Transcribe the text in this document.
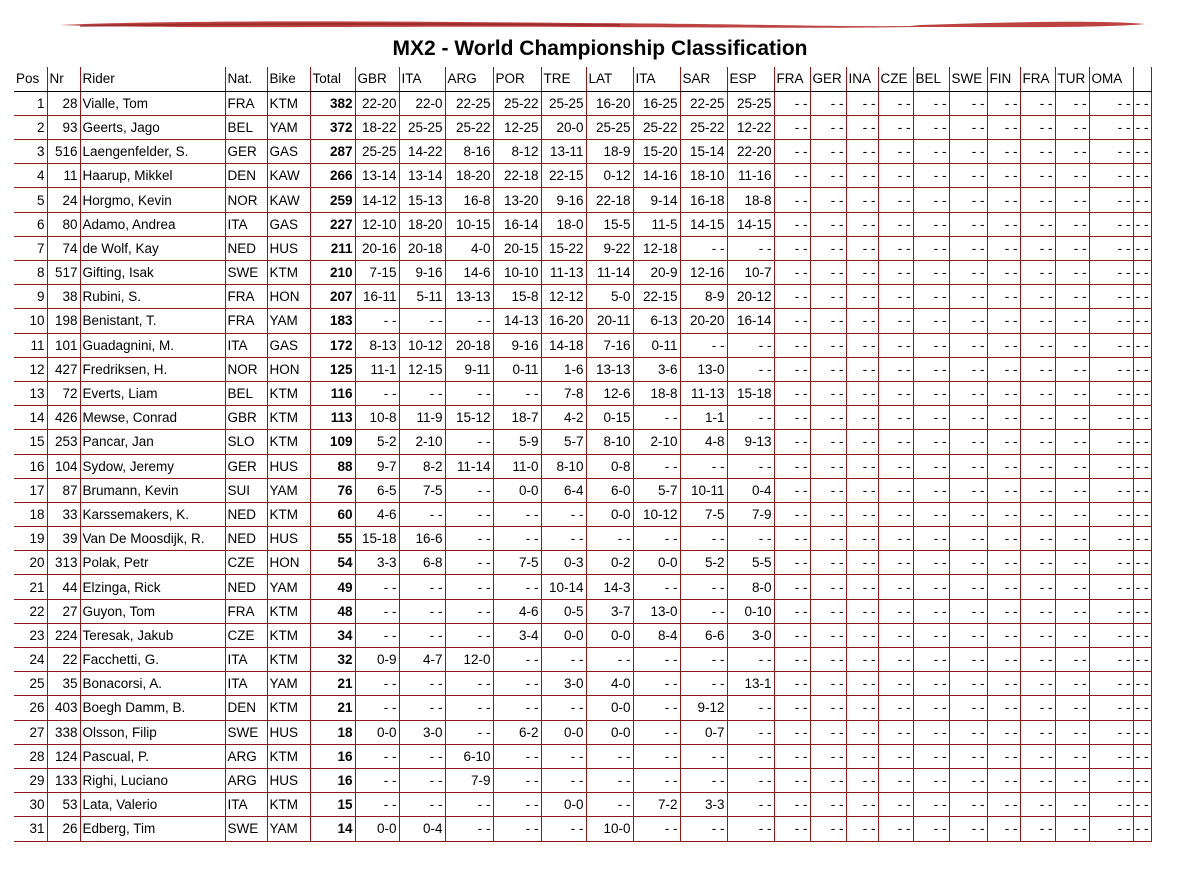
MX2 - World Championship Classification
Pos	Nr	Rider	Nat.	Bike	Total	GBR	ITA	ARG	POR	TRE	LAT	ITA	SAR	ESP	FRA	GER	INA	CZE	BEL	SWE	FIN	FRA	TUR	OMA	
1	28	Vialle, Tom	FRA	KTM	382	22-20	22-0	22-25	25-22	25-25	16-20	16-25	22-25	25-25	- -	- -	- -	- -	- -	- -	- -	- -	- -	- -	- -
2	93	Geerts, Jago	BEL	YAM	372	18-22	25-25	25-22	12-25	20-0	25-25	25-22	25-22	12-22	- -	- -	- -	- -	- -	- -	- -	- -	- -	- -	- -
3	516	Laengenfelder, S.	GER	GAS	287	25-25	14-22	8-16	8-12	13-11	18-9	15-20	15-14	22-20	- -	- -	- -	- -	- -	- -	- -	- -	- -	- -	- -
4	11	Haarup, Mikkel	DEN	KAW	266	13-14	13-14	18-20	22-18	22-15	0-12	14-16	18-10	11-16	- -	- -	- -	- -	- -	- -	- -	- -	- -	- -	- -
5	24	Horgmo, Kevin	NOR	KAW	259	14-12	15-13	16-8	13-20	9-16	22-18	9-14	16-18	18-8	- -	- -	- -	- -	- -	- -	- -	- -	- -	- -	- -
6	80	Adamo, Andrea	ITA	GAS	227	12-10	18-20	10-15	16-14	18-0	15-5	11-5	14-15	14-15	- -	- -	- -	- -	- -	- -	- -	- -	- -	- -	- -
7	74	de Wolf, Kay	NED	HUS	211	20-16	20-18	4-0	20-15	15-22	9-22	12-18	- -	- -	- -	- -	- -	- -	- -	- -	- -	- -	- -	- -	- -
8	517	Gifting, Isak	SWE	KTM	210	7-15	9-16	14-6	10-10	11-13	11-14	20-9	12-16	10-7	- -	- -	- -	- -	- -	- -	- -	- -	- -	- -	- -
9	38	Rubini, S.	FRA	HON	207	16-11	5-11	13-13	15-8	12-12	5-0	22-15	8-9	20-12	- -	- -	- -	- -	- -	- -	- -	- -	- -	- -	- -
10	198	Benistant, T.	FRA	YAM	183	- -	- -	- -	14-13	16-20	20-11	6-13	20-20	16-14	- -	- -	- -	- -	- -	- -	- -	- -	- -	- -	- -
11	101	Guadagnini, M.	ITA	GAS	172	8-13	10-12	20-18	9-16	14-18	7-16	0-11	- -	- -	- -	- -	- -	- -	- -	- -	- -	- -	- -	- -	- -
12	427	Fredriksen, H.	NOR	HON	125	11-1	12-15	9-11	0-11	1-6	13-13	3-6	13-0	- -	- -	- -	- -	- -	- -	- -	- -	- -	- -	- -	- -
13	72	Everts, Liam	BEL	KTM	116	- -	- -	- -	- -	7-8	12-6	18-8	11-13	15-18	- -	- -	- -	- -	- -	- -	- -	- -	- -	- -	- -
14	426	Mewse, Conrad	GBR	KTM	113	10-8	11-9	15-12	18-7	4-2	0-15	- -	1-1	- -	- -	- -	- -	- -	- -	- -	- -	- -	- -	- -	- -
15	253	Pancar, Jan	SLO	KTM	109	5-2	2-10	- -	5-9	5-7	8-10	2-10	4-8	9-13	- -	- -	- -	- -	- -	- -	- -	- -	- -	- -	- -
16	104	Sydow, Jeremy	GER	HUS	88	9-7	8-2	11-14	11-0	8-10	0-8	- -	- -	- -	- -	- -	- -	- -	- -	- -	- -	- -	- -	- -	- -
17	87	Brumann, Kevin	SUI	YAM	76	6-5	7-5	- -	0-0	6-4	6-0	5-7	10-11	0-4	- -	- -	- -	- -	- -	- -	- -	- -	- -	- -	- -
18	33	Karssemakers, K.	NED	KTM	60	4-6	- -	- -	- -	- -	0-0	10-12	7-5	7-9	- -	- -	- -	- -	- -	- -	- -	- -	- -	- -	- -
19	39	Van De Moosdijk, R.	NED	HUS	55	15-18	16-6	- -	- -	- -	- -	- -	- -	- -	- -	- -	- -	- -	- -	- -	- -	- -	- -	- -	- -
20	313	Polak, Petr	CZE	HON	54	3-3	6-8	- -	7-5	0-3	0-2	0-0	5-2	5-5	- -	- -	- -	- -	- -	- -	- -	- -	- -	- -	- -
21	44	Elzinga, Rick	NED	YAM	49	- -	- -	- -	- -	10-14	14-3	- -	- -	8-0	- -	- -	- -	- -	- -	- -	- -	- -	- -	- -	- -
22	27	Guyon, Tom	FRA	KTM	48	- -	- -	- -	4-6	0-5	3-7	13-0	- -	0-10	- -	- -	- -	- -	- -	- -	- -	- -	- -	- -	- -
23	224	Teresak, Jakub	CZE	KTM	34	- -	- -	- -	3-4	0-0	0-0	8-4	6-6	3-0	- -	- -	- -	- -	- -	- -	- -	- -	- -	- -	- -
24	22	Facchetti, G.	ITA	KTM	32	0-9	4-7	12-0	- -	- -	- -	- -	- -	- -	- -	- -	- -	- -	- -	- -	- -	- -	- -	- -	- -
25	35	Bonacorsi, A.	ITA	YAM	21	- -	- -	- -	- -	3-0	4-0	- -	- -	13-1	- -	- -	- -	- -	- -	- -	- -	- -	- -	- -	- -
26	403	Boegh Damm, B.	DEN	KTM	21	- -	- -	- -	- -	- -	0-0	- -	9-12	- -	- -	- -	- -	- -	- -	- -	- -	- -	- -	- -	- -
27	338	Olsson, Filip	SWE	HUS	18	0-0	3-0	- -	6-2	0-0	0-0	- -	0-7	- -	- -	- -	- -	- -	- -	- -	- -	- -	- -	- -	- -
28	124	Pascual, P.	ARG	KTM	16	- -	- -	6-10	- -	- -	- -	- -	- -	- -	- -	- -	- -	- -	- -	- -	- -	- -	- -	- -	- -
29	133	Righi, Luciano	ARG	HUS	16	- -	- -	7-9	- -	- -	- -	- -	- -	- -	- -	- -	- -	- -	- -	- -	- -	- -	- -	- -	- -
30	53	Lata, Valerio	ITA	KTM	15	- -	- -	- -	- -	0-0	- -	7-2	3-3	- -	- -	- -	- -	- -	- -	- -	- -	- -	- -	- -	- -
31	26	Edberg, Tim	SWE	YAM	14	0-0	0-4	- -	- -	- -	10-0	- -	- -	- -	- -	- -	- -	- -	- -	- -	- -	- -	- -	- -	- -
